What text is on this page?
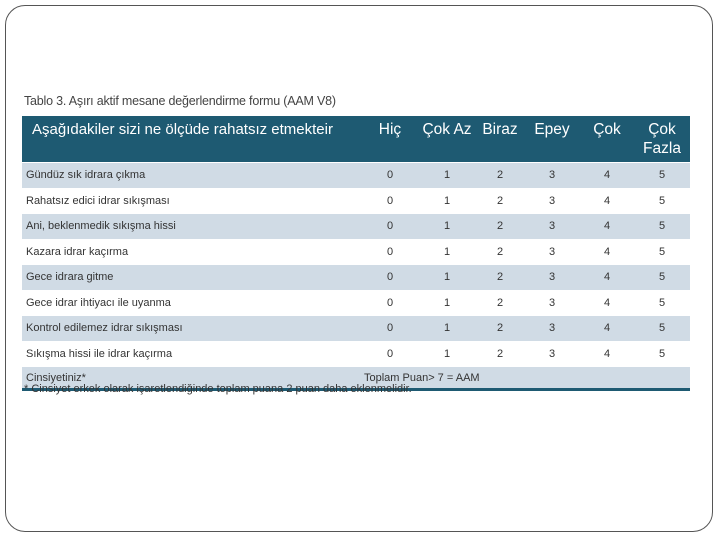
Tablo 3. Aşırı aktif mesane değerlendirme formu (AAM V8)
Aşağıdakiler sizi ne ölçüde rahatsız etmekteir	Hiç	Çok Az	Biraz	Epey	Çok	Çok Fazla
Gündüz sık idrara çıkma	0	1	2	3	4	5
Rahatsız edici idrar sıkışması	0	1	2	3	4	5
Ani, beklenmedik sıkışma hissi	0	1	2	3	4	5
Kazara idrar kaçırma	0	1	2	3	4	5
Gece idrara gitme	0	1	2	3	4	5
Gece idrar ihtiyacı ile uyanma	0	1	2	3	4	5
Kontrol edilemez idrar sıkışması	0	1	2	3	4	5
Sıkışma hissi ile idrar kaçırma	0	1	2	3	4	5
Cinsiyetiniz*	Toplam Puan> 7 = AAM					
* Cinsiyet erkek olarak işaretlendiğinde toplam puana 2 puan daha eklenmelidir.
